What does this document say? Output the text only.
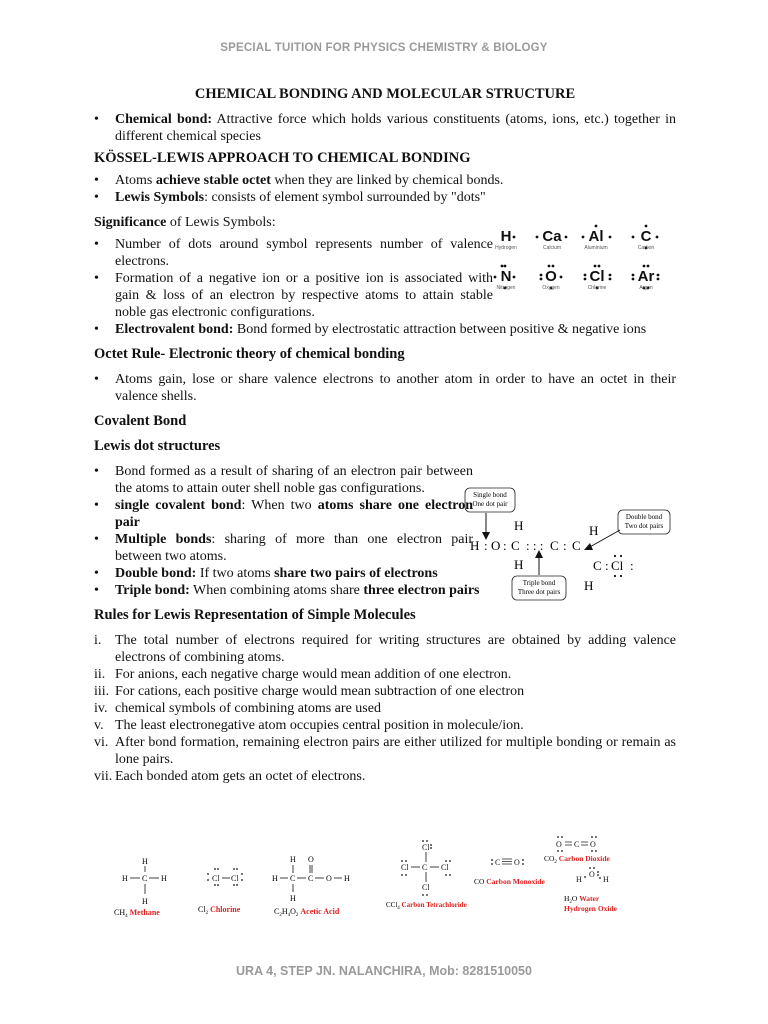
SPECIAL TUITION FOR PHYSICS CHEMISTRY & BIOLOGY
CHEMICAL BONDING AND MOLECULAR STRUCTURE
• Chemical bond: Attractive force which holds various constituents (atoms, ions, etc.) together in different chemical species
KÖSSEL-LEWIS APPROACH TO CHEMICAL BONDING
• Atoms achieve stable octet when they are linked by chemical bonds.
• Lewis Symbols: consists of element symbol surrounded by "dots"
Significance of Lewis Symbols:
• Number of dots around symbol represents number of valence electrons.
• Formation of a negative ion or a positive ion is associated with gain & loss of an electron by respective atoms to attain stable noble gas electronic configurations.
• Electrovalent bond: Bond formed by electrostatic attraction between positive & negative ions
Octet Rule- Electronic theory of chemical bonding
• Atoms gain, lose or share valence electrons to another atom in order to have an octet in their valence shells.
Covalent Bond
Lewis dot structures
• Bond formed as a result of sharing of an electron pair between the atoms to attain outer shell noble gas configurations.
• single covalent bond: When two atoms share one electron pair
• Multiple bonds: sharing of more than one electron pair between two atoms.
• Double bond: If two atoms share two pairs of electrons
• Triple bond: When combining atoms share three electron pairs
Rules for Lewis Representation of Simple Molecules
i. The total number of electrons required for writing structures are obtained by adding valence electrons of combining atoms.
ii. For anions, each negative charge would mean addition of one electron.
iii. For cations, each positive charge would mean subtraction of one electron
iv. chemical symbols of combining atoms are used
v. The least electronegative atom occupies central position in molecule/ion.
vi. After bond formation, remaining electron pairs are either utilized for multiple bonding or remain as lone pairs.
vii. Each bonded atom gets an octet of electrons.
H
Hydrogen
Ca
Calcium
Al
Aluminium
C
Carbon
N
Nitrogen
O
Oxygen
Cl
Chlorine
Ar
Argon
Single bond
One dot pair
Double bond
Two dot pairs
Triple bond
Three dot pairs
H : O : C
H
H
: : : C : C
H
C : Cl :
H
H
H C H
H
$CH_4$ Methane
Cl Cl
$Cl_2$ Chlorine
H O
H C C O H
H
$C_2H_4O_2$ Acetic Acid
Cl
Cl C Cl
Cl
CCl$_4$ Carbon Tetrachloride
C O
CO Carbon Monoxide
O C O
$CO_2$ Carbon Dioxide
H
O
H
$H_2O$ Water
Hydrogen Oxide
URA 4, STEP JN. NALANCHIRA, Mob: 8281510050
